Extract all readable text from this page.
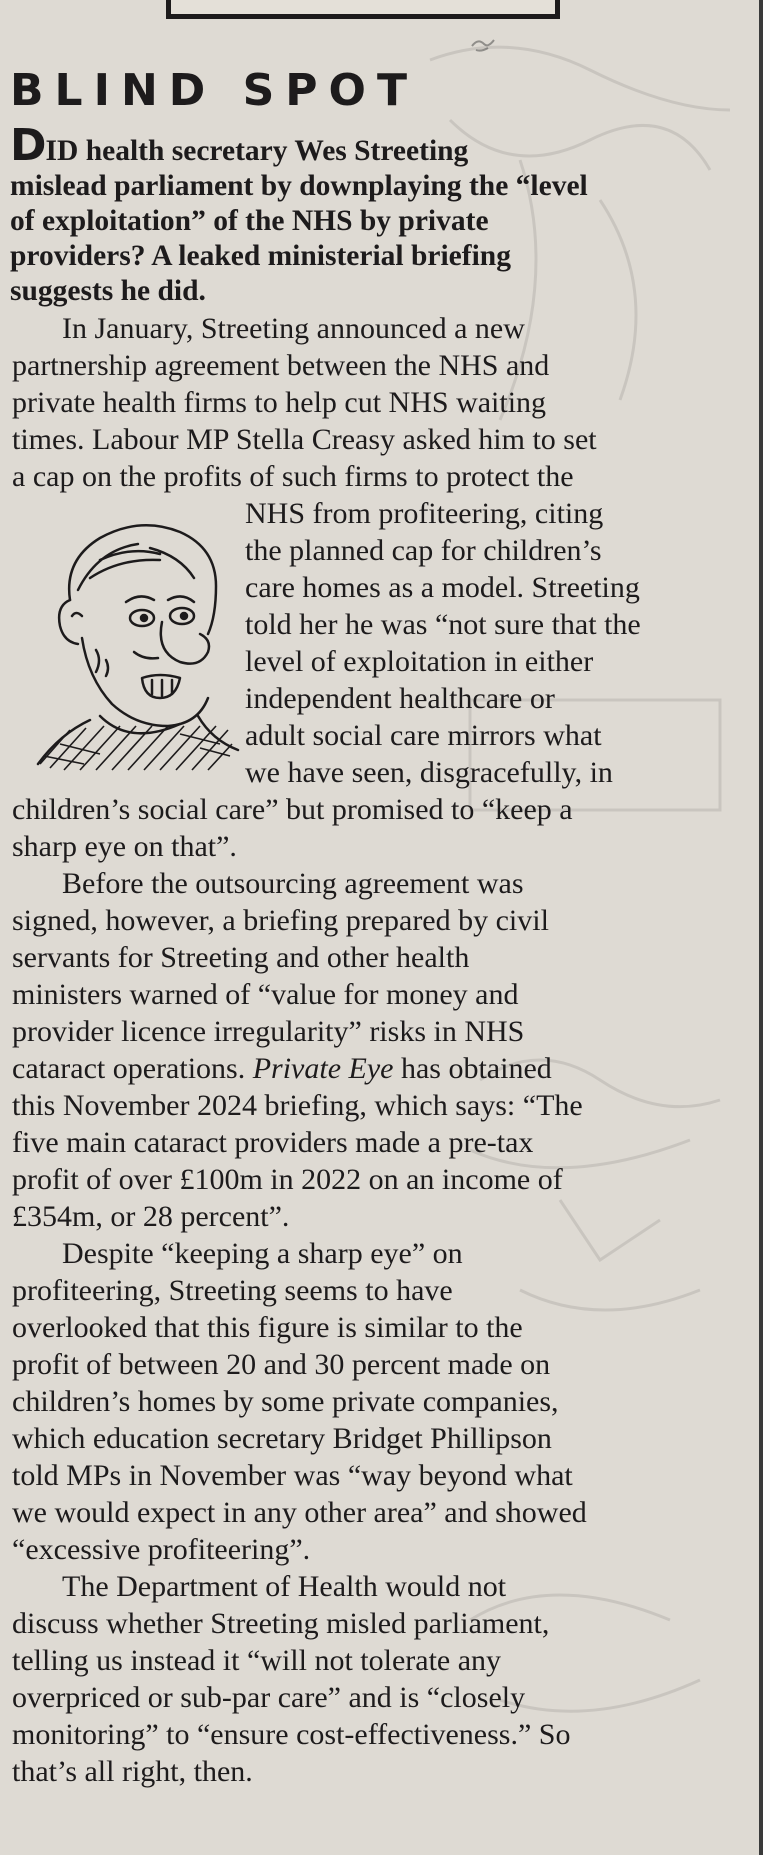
BLIND SPOT

DID health secretary Wes Streeting
mislead parliament by downplaying the “level
of exploitation” of the NHS by private
providers? A leaked ministerial briefing
suggests he did.

In January, Streeting announced a new
partnership agreement between the NHS and
private health firms to help cut NHS waiting
times. Labour MP Stella Creasy asked him to set
a cap on the profits of such firms to protect the

NHS from profiteering, citing
the planned cap for children’s
care homes as a model. Streeting
told her he was “not sure that the
level of exploitation in either
independent healthcare or
adult social care mirrors what
we have seen, disgracefully, in

children’s social care” but promised to “keep a
sharp eye on that”.

Before the outsourcing agreement was
signed, however, a briefing prepared by civil
servants for Streeting and other health
ministers warned of “value for money and
provider licence irregularity” risks in NHS
cataract operations. Private Eye has obtained
this November 2024 briefing, which says: “The
five main cataract providers made a pre-tax
profit of over £100m in 2022 on an income of
£354m, or 28 percent”.

Despite “keeping a sharp eye” on
profiteering, Streeting seems to have
overlooked that this figure is similar to the
profit of between 20 and 30 percent made on
children’s homes by some private companies,
which education secretary Bridget Phillipson
told MPs in November was “way beyond what
we would expect in any other area” and showed
“excessive profiteering”.

The Department of Health would not
discuss whether Streeting misled parliament,
telling us instead it “will not tolerate any
overpriced or sub-par care” and is “closely
monitoring” to “ensure cost-effectiveness.” So
that’s all right, then.
